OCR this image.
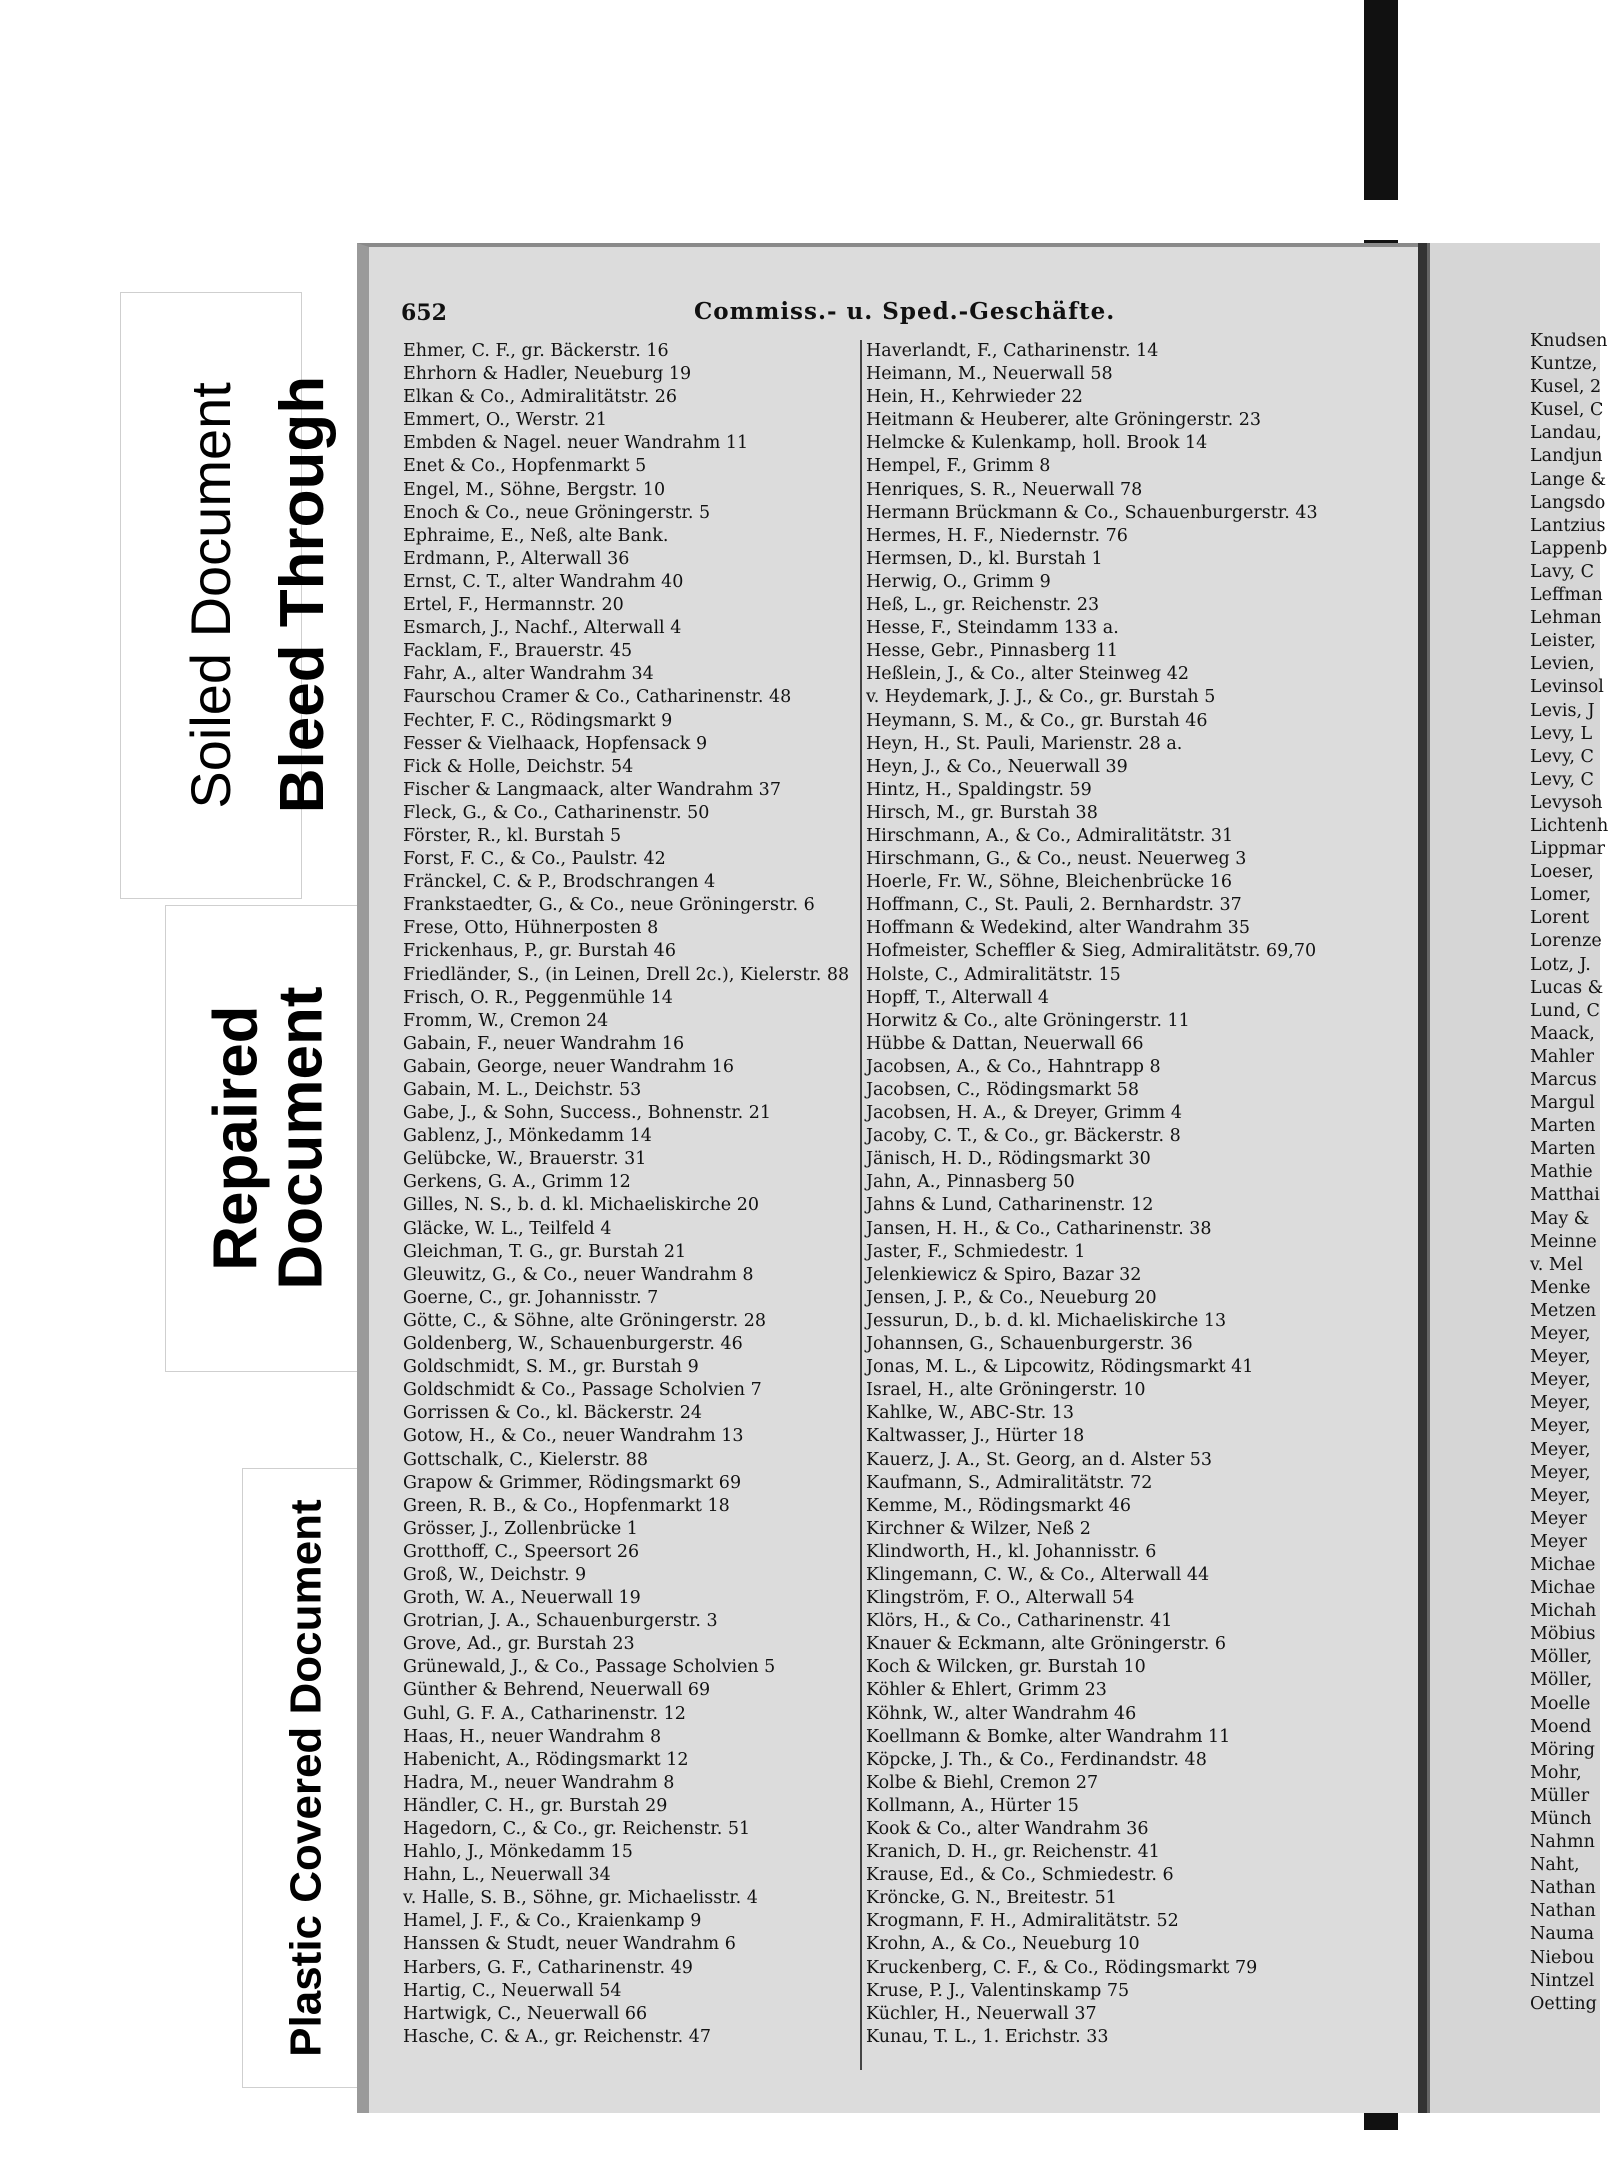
Soiled Document Bleed Through
Repaired Document
Plastic Covered Document
652	Commiss.- u. Sped.-Geschäfte.
Ehmer, C. F., gr. Bäckerstr. 16
Ehrhorn & Hadler, Neueburg 19
Elkan & Co., Admiralitätstr. 26
Emmert, O., Werstr. 21
Embden & Nagel. neuer Wandrahm 11
Enet & Co., Hopfenmarkt 5
Engel, M., Söhne, Bergstr. 10
Enoch & Co., neue Gröningerstr. 5
Ephraime, E., Neß, alte Bank.
Erdmann, P., Alterwall 36
Ernst, C. T., alter Wandrahm 40
Ertel, F., Hermannstr. 20
Esmarch, J., Nachf., Alterwall 4
Facklam, F., Brauerstr. 45
Fahr, A., alter Wandrahm 34
Faurschou Cramer & Co., Catharinenstr. 48
Fechter, F. C., Rödingsmarkt 9
Fesser & Vielhaack, Hopfensack 9
Fick & Holle, Deichstr. 54
Fischer & Langmaack, alter Wandrahm 37
Fleck, G., & Co., Catharinenstr. 50
Förster, R., kl. Burstah 5
Forst, F. C., & Co., Paulstr. 42
Fränckel, C. & P., Brodschrangen 4
Frankstaedter, G., & Co., neue Gröningerstr. 6
Frese, Otto, Hühnerposten 8
Frickenhaus, P., gr. Burstah 46
Friedländer, S., (in Leinen, Drell 2c.), Kielerstr. 88
Frisch, O. R., Peggenmühle 14
Fromm, W., Cremon 24
Gabain, F., neuer Wandrahm 16
Gabain, George, neuer Wandrahm 16
Gabain, M. L., Deichstr. 53
Gabe, J., & Sohn, Success., Bohnenstr. 21
Gablenz, J., Mönkedamm 14
Gelübcke, W., Brauerstr. 31
Gerkens, G. A., Grimm 12
Gilles, N. S., b. d. kl. Michaeliskirche 20
Gläcke, W. L., Teilfeld 4
Gleichman, T. G., gr. Burstah 21
Gleuwitz, G., & Co., neuer Wandrahm 8
Goerne, C., gr. Johannisstr. 7
Götte, C., & Söhne, alte Gröningerstr. 28
Goldenberg, W., Schauenburgerstr. 46
Goldschmidt, S. M., gr. Burstah 9
Goldschmidt & Co., Passage Scholvien 7
Gorrissen & Co., kl. Bäckerstr. 24
Gotow, H., & Co., neuer Wandrahm 13
Gottschalk, C., Kielerstr. 88
Grapow & Grimmer, Rödingsmarkt 69
Green, R. B., & Co., Hopfenmarkt 18
Grösser, J., Zollenbrücke 1
Grotthoff, C., Speersort 26
Groß, W., Deichstr. 9
Groth, W. A., Neuerwall 19
Grotrian, J. A., Schauenburgerstr. 3
Grove, Ad., gr. Burstah 23
Grünewald, J., & Co., Passage Scholvien 5
Günther & Behrend, Neuerwall 69
Guhl, G. F. A., Catharinenstr. 12
Haas, H., neuer Wandrahm 8
Habenicht, A., Rödingsmarkt 12
Hadra, M., neuer Wandrahm 8
Händler, C. H., gr. Burstah 29
Hagedorn, C., & Co., gr. Reichenstr. 51
Hahlo, J., Mönkedamm 15
Hahn, L., Neuerwall 34
v. Halle, S. B., Söhne, gr. Michaelisstr. 4
Hamel, J. F., & Co., Kraienkamp 9
Hanssen & Studt, neuer Wandrahm 6
Harbers, G. F., Catharinenstr. 49
Hartig, C., Neuerwall 54
Hartwigk, C., Neuerwall 66
Hasche, C. & A., gr. Reichenstr. 47
Haverlandt, F., Catharinenstr. 14
Heimann, M., Neuerwall 58
Hein, H., Kehrwieder 22
Heitmann & Heuberer, alte Gröningerstr. 23
Helmcke & Kulenkamp, holl. Brook 14
Hempel, F., Grimm 8
Henriques, S. R., Neuerwall 78
Hermann Brückmann & Co., Schauenburgerstr. 43
Hermes, H. F., Niedernstr. 76
Hermsen, D., kl. Burstah 1
Herwig, O., Grimm 9
Heß, L., gr. Reichenstr. 23
Hesse, F., Steindamm 133 a.
Hesse, Gebr., Pinnasberg 11
Heßlein, J., & Co., alter Steinweg 42
v. Heydemark, J. J., & Co., gr. Burstah 5
Heymann, S. M., & Co., gr. Burstah 46
Heyn, H., St. Pauli, Marienstr. 28 a.
Heyn, J., & Co., Neuerwall 39
Hintz, H., Spaldingstr. 59
Hirsch, M., gr. Burstah 38
Hirschmann, A., & Co., Admiralitätstr. 31
Hirschmann, G., & Co., neust. Neuerweg 3
Hoerle, Fr. W., Söhne, Bleichenbrücke 16
Hoffmann, C., St. Pauli, 2. Bernhardstr. 37
Hoffmann & Wedekind, alter Wandrahm 35
Hofmeister, Scheffler & Sieg, Admiralitätstr. 69,70
Holste, C., Admiralitätstr. 15
Hopff, T., Alterwall 4
Horwitz & Co., alte Gröningerstr. 11
Hübbe & Dattan, Neuerwall 66
Jacobsen, A., & Co., Hahntrapp 8
Jacobsen, C., Rödingsmarkt 58
Jacobsen, H. A., & Dreyer, Grimm 4
Jacoby, C. T., & Co., gr. Bäckerstr. 8
Jänisch, H. D., Rödingsmarkt 30
Jahn, A., Pinnasberg 50
Jahns & Lund, Catharinenstr. 12
Jansen, H. H., & Co., Catharinenstr. 38
Jaster, F., Schmiedestr. 1
Jelenkiewicz & Spiro, Bazar 32
Jensen, J. P., & Co., Neueburg 20
Jessurun, D., b. d. kl. Michaeliskirche 13
Johannsen, G., Schauenburgerstr. 36
Jonas, M. L., & Lipcowitz, Rödingsmarkt 41
Israel, H., alte Gröningerstr. 10
Kahlke, W., ABC-Str. 13
Kaltwasser, J., Hürter 18
Kauerz, J. A., St. Georg, an d. Alster 53
Kaufmann, S., Admiralitätstr. 72
Kemme, M., Rödingsmarkt 46
Kirchner & Wilzer, Neß 2
Klindworth, H., kl. Johannisstr. 6
Klingemann, C. W., & Co., Alterwall 44
Klingström, F. O., Alterwall 54
Klörs, H., & Co., Catharinenstr. 41
Knauer & Eckmann, alte Gröningerstr. 6
Koch & Wilcken, gr. Burstah 10
Köhler & Ehlert, Grimm 23
Köhnk, W., alter Wandrahm 46
Koellmann & Bomke, alter Wandrahm 11
Köpcke, J. Th., & Co., Ferdinandstr. 48
Kolbe & Biehl, Cremon 27
Kollmann, A., Hürter 15
Kook & Co., alter Wandrahm 36
Kranich, D. H., gr. Reichenstr. 41
Krause, Ed., & Co., Schmiedestr. 6
Kröncke, G. N., Breitestr. 51
Krogmann, F. H., Admiralitätstr. 52
Krohn, A., & Co., Neueburg 10
Kruckenberg, C. F., & Co., Rödingsmarkt 79
Kruse, P. J., Valentinskamp 75
Küchler, H., Neuerwall 37
Kunau, T. L., 1. Erichstr. 33
Knudsen
Kuntze,
Kusel, 2
Kusel, C
Landau,
Landjun
Lange &
Langsdo
Lantzius
Lappenb
Lavy, C
Leffman
Lehman
Leister,
Levien,
Levinsol
Levis, J
Levy, L
Levy, C
Levy, C
Levysoh
Lichtenh
Lippmar
Loeser,
Lomer,
Lorent
Lorenze
Lotz, J.
Lucas &
Lund, C
Maack,
Mahler
Marcus
Margul
Marten
Marten
Mathie
Matthai
May &
Meinne
v. Mel
Menke
Metzen
Meyer,
Meyer,
Meyer,
Meyer,
Meyer,
Meyer,
Meyer,
Meyer,
Meyer
Meyer
Michae
Michae
Michah
Möbius
Möller,
Möller,
Moelle
Moend
Möring
Mohr,
Müller
Münch
Nahmn
Naht,
Nathan
Nathan
Nauma
Niebou
Nintzel
Oetting
